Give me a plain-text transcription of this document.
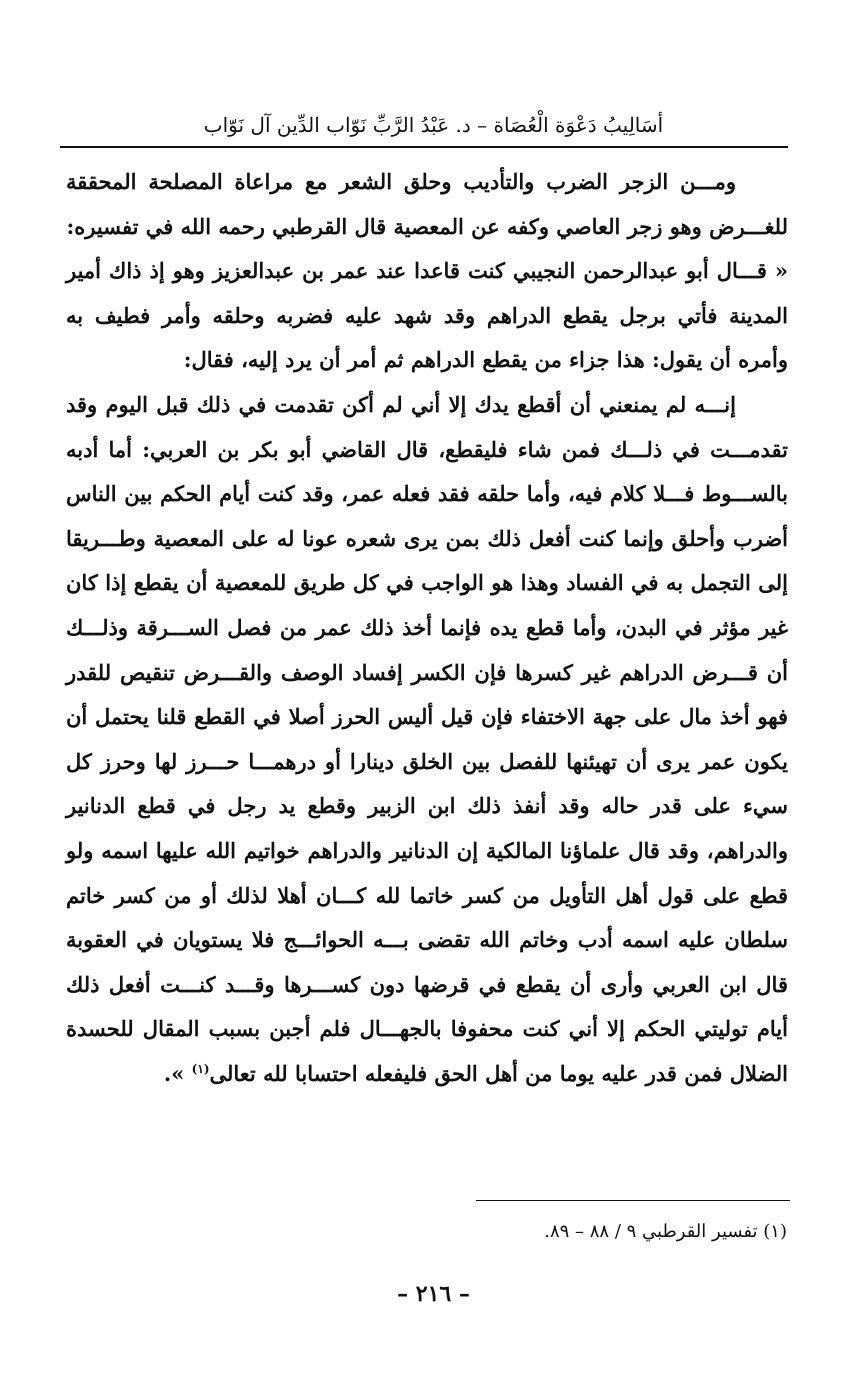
أسَالِيبُ دَعْوَة الْعُصَاة – د. عَبْدُ الرَّبِّ نَوّاب الدِّين آل نَوّاب

ومـــن الزجر الضرب والتأديب وحلق الشعر مع مراعاة المصلحة المحققة للغـــرض وهو زجر العاصي وكفه عن المعصية قال القرطبي رحمه الله في تفسيره:

« قـــال أبو عبدالرحمن النجيبي كنت قاعدا عند عمر بن عبدالعزيز وهو إذ ذاك أمير المدينة فأتي برجل يقطع الدراهم وقد شهد عليه فضربه وحلقه وأمر فطيف به وأمره أن يقول: هذا جزاء من يقطع الدراهم ثم أمر أن يرد إليه، فقال:

إنـــه لم يمنعني أن أقطع يدك إلا أني لم أكن تقدمت في ذلك قبل اليوم وقد تقدمـــت في ذلـــك فمن شاء فليقطع، قال القاضي أبو بكر بن العربي: أما أدبه بالســـوط فـــلا كلام فيه، وأما حلقه فقد فعله عمر، وقد كنت أيام الحكم بين الناس أضرب وأحلق وإنما كنت أفعل ذلك بمن يرى شعره عونا له على المعصية وطـــريقا إلى التجمل به في الفساد وهذا هو الواجب في كل طريق للمعصية أن يقطع إذا كان غير مؤثر في البدن، وأما قطع يده فإنما أخذ ذلك عمر من فصل الســـرقة وذلـــك أن قـــرض الدراهم غير كسرها فإن الكسر إفساد الوصف والقـــرض تنقيص للقدر فهو أخذ مال على جهة الاختفاء فإن قيل أليس الحرز أصلا في القطع قلنا يحتمل أن يكون عمر يرى أن تهيئنها للفصل بين الخلق دينارا أو درهمـــا حـــرز لها وحرز كل سيء على قدر حاله وقد أنفذ ذلك ابن الزبير وقطع يد رجل في قطع الدنانير والدراهم، وقد قال علماؤنا المالكية إن الدنانير والدراهم خواتيم الله عليها اسمه ولو قطع على قول أهل التأويل من كسر خاتما لله كـــان أهلا لذلك أو من كسر خاتم سلطان عليه اسمه أدب وخاتم الله تقضى بـــه الحوائـــج فلا يستويان في العقوبة قال ابن العربي وأرى أن يقطع في قرضها دون كســـرها وقـــد كنـــت أفعل ذلك أيام توليتي الحكم إلا أني كنت محفوفا بالجهـــال فلم أجبن بسبب المقال للحسدة الضلال فمن قدر عليه يوما من أهل الحق فليفعله احتسابا لله تعالى$^{(١)}$ ».

(١) تفسير القرطبي ٩ / ٨٨ – ٨٩.
– ٢١٦ –
